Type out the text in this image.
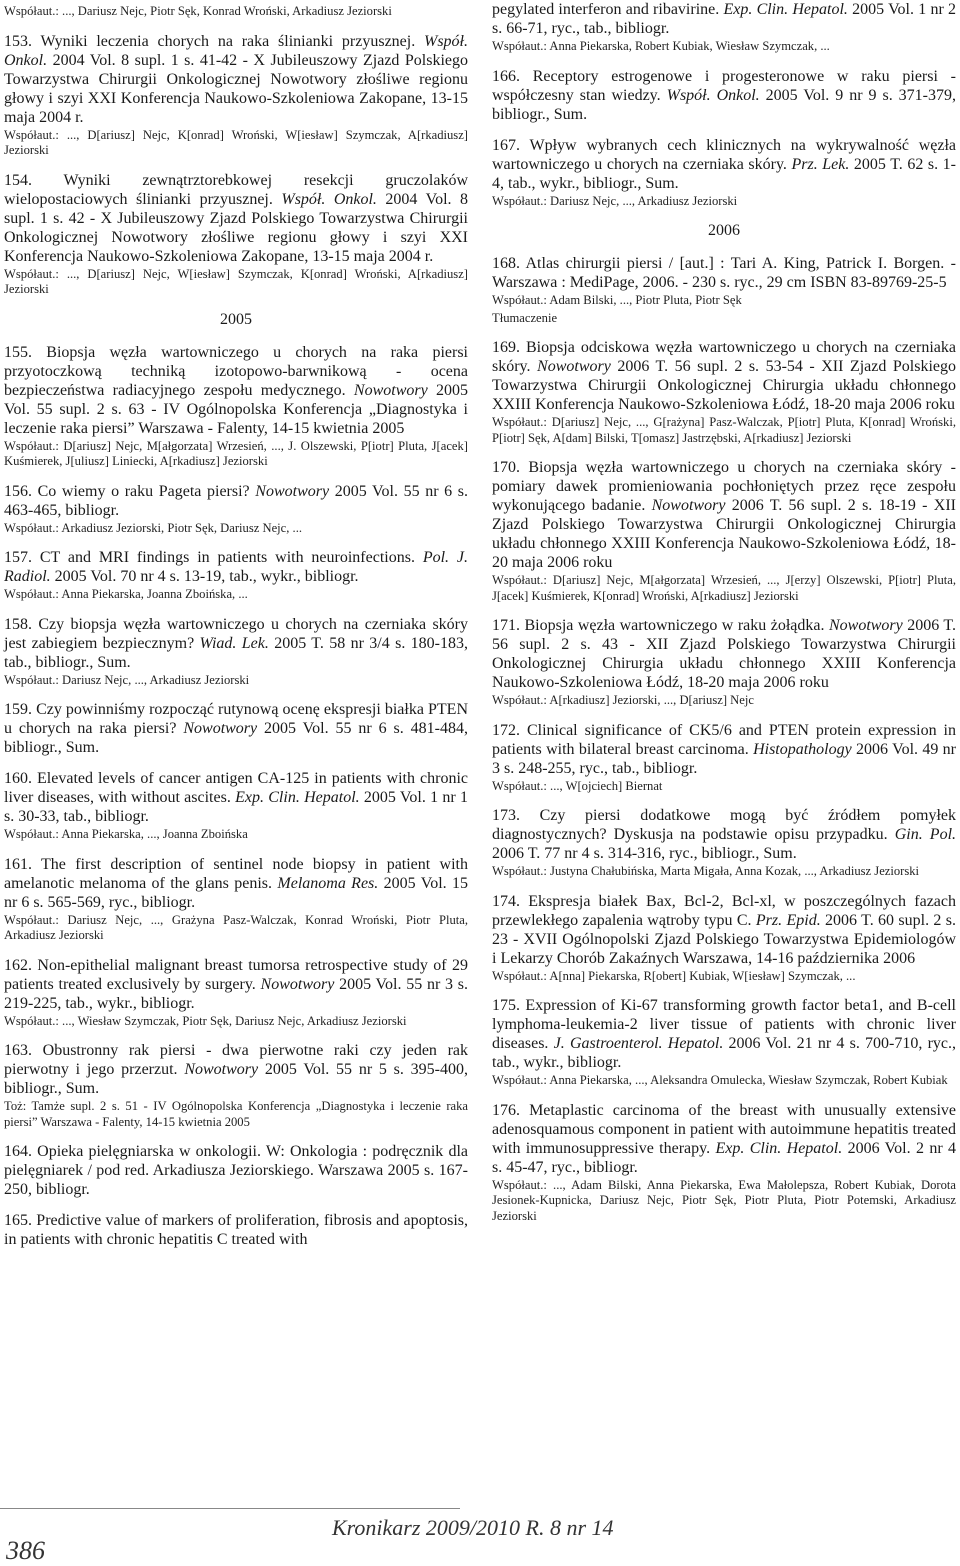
Współaut.: ..., Dariusz Nejc, Piotr Sęk, Konrad Wroński, Arkadiusz Jeziorski

153. Wyniki leczenia chorych na raka ślinianki przyusznej. Współ. Onkol. 2004 Vol. 8 supl. 1 s. 41-42 - X Jubileuszowy Zjazd Polskiego Towarzystwa Chirurgii Onkologicznej Nowotwory złośliwe regionu głowy i szyi XXI Konferencja Naukowo-Szkoleniowa Zakopane, 13-15 maja 2004 r.

Współaut.: ..., D[ariusz] Nejc, K[onrad] Wroński, W[iesław] Szymczak, A[rkadiusz] Jeziorski

154. Wyniki zewnątrztorebkowej resekcji gruczolaków wielopostaciowych ślinianki przyusznej. Współ. Onkol. 2004 Vol. 8 supl. 1 s. 42 - X Jubileuszowy Zjazd Polskiego Towarzystwa Chirurgii Onkologicznej Nowotwory złośliwe regionu głowy i szyi XXI Konferencja Naukowo-Szkoleniowa Zakopane, 13-15 maja 2004 r.

Współaut.: ..., D[ariusz] Nejc, W[iesław] Szymczak, K[onrad] Wroński, A[rkadiusz] Jeziorski

2005

155. Biopsja węzła wartowniczego u chorych na raka piersi przyotoczkową techniką izotopowo-barwnikową - ocena bezpieczeństwa radiacyjnego zespołu medycznego. Nowotwory 2005 Vol. 55 supl. 2 s. 63 - IV Ogólnopolska Konferencja „Diagnostyka i leczenie raka piersi” Warszawa - Falenty, 14-15 kwietnia 2005

Współaut.: D[ariusz] Nejc, M[ałgorzata] Wrzesień, ..., J. Olszewski, P[iotr] Pluta, J[acek] Kuśmierek, J[uliusz] Liniecki, A[rkadiusz] Jeziorski

156. Co wiemy o raku Pageta piersi? Nowotwory 2005 Vol. 55 nr 6 s. 463-465, bibliogr.

Współaut.: Arkadiusz Jeziorski, Piotr Sęk, Dariusz Nejc, ...

157. CT and MRI findings in patients with neuroinfections. Pol. J. Radiol. 2005 Vol. 70 nr 4 s. 13-19, tab., wykr., bibliogr.

Współaut.: Anna Piekarska, Joanna Zboińska, ...

158. Czy biopsja węzła wartowniczego u chorych na czerniaka skóry jest zabiegiem bezpiecznym? Wiad. Lek. 2005 T. 58 nr 3/4 s. 180-183, tab., bibliogr., Sum.

Współaut.: Dariusz Nejc, ..., Arkadiusz Jeziorski

159. Czy powinniśmy rozpocząć rutynową ocenę ekspresji białka PTEN u chorych na raka piersi? Nowotwory 2005 Vol. 55 nr 6 s. 481-484, bibliogr., Sum.

160. Elevated levels of cancer antigen CA-125 in patients with chronic liver diseases, with without ascites. Exp. Clin. Hepatol. 2005 Vol. 1 nr 1 s. 30-33, tab., bibliogr.

Współaut.: Anna Piekarska, ..., Joanna Zboińska

161. The first description of sentinel node biopsy in patient with amelanotic melanoma of the glans penis. Melanoma Res. 2005 Vol. 15 nr 6 s. 565-569, ryc., bibliogr.

Współaut.: Dariusz Nejc, ..., Grażyna Pasz-Walczak, Konrad Wroński, Piotr Pluta, Arkadiusz Jeziorski

162. Non-epithelial malignant breast tumorsa retrospective study of 29 patients treated exclusively by surgery. Nowotwory 2005 Vol. 55 nr 3 s. 219-225, tab., wykr., bibliogr.

Współaut.: ..., Wiesław Szymczak, Piotr Sęk, Dariusz Nejc, Arkadiusz Jeziorski

163. Obustronny rak piersi - dwa pierwotne raki czy jeden rak pierwotny i jego przerzut. Nowotwory 2005 Vol. 55 nr 5 s. 395-400, bibliogr., Sum.

Toż: Tamże supl. 2 s. 51 - IV Ogólnopolska Konferencja „Diagnostyka i leczenie raka piersi” Warszawa - Falenty, 14-15 kwietnia 2005

164. Opieka pielęgniarska w onkologii. W: Onkologia : podręcznik dla pielęgniarek / pod red. Arkadiusza Jeziorskiego. Warszawa 2005 s. 167-250, bibliogr.

165. Predictive value of markers of proliferation, fibrosis and apoptosis, in patients with chronic hepatitis C treated with

pegylated interferon and ribavirine. Exp. Clin. Hepatol. 2005 Vol. 1 nr 2 s. 66-71, ryc., tab., bibliogr.

Współaut.: Anna Piekarska, Robert Kubiak, Wiesław Szymczak, ...

166. Receptory estrogenowe i progesteronowe w raku piersi - współczesny stan wiedzy. Współ. Onkol. 2005 Vol. 9 nr 9 s. 371-379, bibliogr., Sum.

167. Wpływ wybranych cech klinicznych na wykrywalność węzła wartowniczego u chorych na czerniaka skóry. Prz. Lek. 2005 T. 62 s. 1-4, tab., wykr., bibliogr., Sum.

Współaut.: Dariusz Nejc, ..., Arkadiusz Jeziorski

2006

168. Atlas chirurgii piersi / [aut.] : Tari A. King, Patrick I. Borgen. - Warszawa : MediPage, 2006. - 230 s. ryc., 29 cm ISBN 83-89769-25-5

Współaut.: Adam Bilski, ..., Piotr Pluta, Piotr Sęk

Tłumaczenie

169. Biopsja odciskowa węzła wartowniczego u chorych na czerniaka skóry. Nowotwory 2006 T. 56 supl. 2 s. 53-54 - XII Zjazd Polskiego Towarzystwa Chirurgii Onkologicznej Chirurgia układu chłonnego XXIII Konferencja Naukowo-Szkoleniowa Łódź, 18-20 maja 2006 roku

Współaut.: D[ariusz] Nejc, ..., G[rażyna] Pasz-Walczak, P[iotr] Pluta, K[onrad] Wroński, P[iotr] Sęk, A[dam] Bilski, T[omasz] Jastrzębski, A[rkadiusz] Jeziorski

170. Biopsja węzła wartowniczego u chorych na czerniaka skóry - pomiary dawek promieniowania pochłoniętych przez ręce zespołu wykonującego badanie. Nowotwory 2006 T. 56 supl. 2 s. 18-19 - XII Zjazd Polskiego Towarzystwa Chirurgii Onkologicznej Chirurgia układu chłonnego XXIII Konferencja Naukowo-Szkoleniowa Łódź, 18-20 maja 2006 roku

Współaut.: D[ariusz] Nejc, M[ałgorzata] Wrzesień, ..., J[erzy] Olszewski, P[iotr] Pluta, J[acek] Kuśmierek, K[onrad] Wroński, A[rkadiusz] Jeziorski

171. Biopsja węzła wartowniczego w raku żołądka. Nowotwory 2006 T. 56 supl. 2 s. 43 - XII Zjazd Polskiego Towarzystwa Chirurgii Onkologicznej Chirurgia układu chłonnego XXIII Konferencja Naukowo-Szkoleniowa Łódź, 18-20 maja 2006 roku

Współaut.: A[rkadiusz] Jeziorski, ..., D[ariusz] Nejc

172. Clinical significance of CK5/6 and PTEN protein expression in patients with bilateral breast carcinoma. Histopathology 2006 Vol. 49 nr 3 s. 248-255, ryc., tab., bibliogr.

Współaut.: ..., W[ojciech] Biernat

173. Czy piersi dodatkowe mogą być źródłem pomyłek diagnostycznych? Dyskusja na podstawie opisu przypadku. Gin. Pol. 2006 T. 77 nr 4 s. 314-316, ryc., bibliogr., Sum.

Współaut.: Justyna Chałubińska, Marta Migała, Anna Kozak, ..., Arkadiusz Jeziorski

174. Ekspresja białek Bax, Bcl-2, Bcl-xl, w poszczególnych fazach przewlekłego zapalenia wątroby typu C. Prz. Epid. 2006 T. 60 supl. 2 s. 23 - XVII Ogólnopolski Zjazd Polskiego Towarzystwa Epidemiologów i Lekarzy Chorób Zakaźnych Warszawa, 14-16 października 2006

Współaut.: A[nna] Piekarska, R[obert] Kubiak, W[iesław] Szymczak, ...

175. Expression of Ki-67 transforming growth factor beta1, and B-cell lymphoma-leukemia-2 liver tissue of patients with chronic liver diseases. J. Gastroenterol. Hepatol. 2006 Vol. 21 nr 4 s. 700-710, ryc., tab., wykr., bibliogr.

Współaut.: Anna Piekarska, ..., Aleksandra Omulecka, Wiesław Szymczak, Robert Kubiak

176. Metaplastic carcinoma of the breast with unusually extensive adenosquamous component in patient with autoimmune hepatitis treated with immunosuppressive therapy. Exp. Clin. Hepatol. 2006 Vol. 2 nr 4 s. 45-47, ryc., bibliogr.

Współaut.: ..., Adam Bilski, Anna Piekarska, Ewa Małolepsza, Robert Kubiak, Dorota Jesionek-Kupnicka, Dariusz Nejc, Piotr Sęk, Piotr Pluta, Piotr Potemski, Arkadiusz Jeziorski

Kronikarz 2009/2010 R. 8 nr 14
386
